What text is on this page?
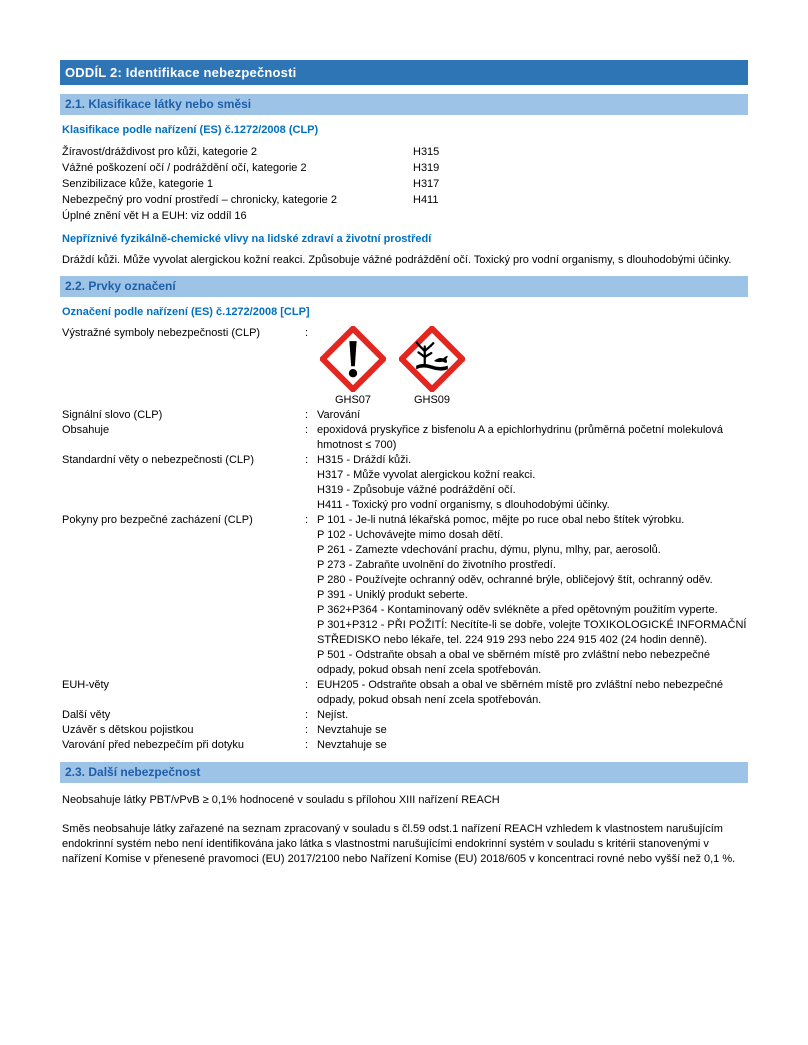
ODDÍL 2: Identifikace nebezpečnosti
2.1. Klasifikace látky nebo směsi
Klasifikace podle nařízení (ES) č.1272/2008 (CLP)
Žíravost/dráždivost pro kůži, kategorie 2	H315
Vážné poškození očí / podráždění očí, kategorie 2	H319
Senzibilizace kůže, kategorie 1	H317
Nebezpečný pro vodní prostředí – chronicky, kategorie 2	H411
Úplné znění vět H a EUH: viz oddíl 16
Nepříznivé fyzikálně-chemické vlivy na lidské zdraví a životní prostředí
Dráždí kůži. Může vyvolat alergickou kožní reakci. Způsobuje vážné podráždění očí. Toxický pro vodní organismy, s dlouhodobými účinky.
2.2. Prvky označení
Označení podle nařízení (ES) č.1272/2008 [CLP]
Výstražné symboly nebezpečnosti (CLP)	:
GHS07	GHS09
Signální slovo (CLP)	: Varování
Obsahuje	: epoxidová pryskyřice z bisfenolu A a epichlorhydrinu (průměrná početní molekulová hmotnost ≤ 700)
Standardní věty o nebezpečnosti (CLP)	: H315 - Dráždí kůži.
H317 - Může vyvolat alergickou kožní reakci.
H319 - Způsobuje vážné podráždění očí.
H411 - Toxický pro vodní organismy, s dlouhodobými účinky.
Pokyny pro bezpečné zacházení (CLP)	: P 101 - Je-li nutná lékařská pomoc, mějte po ruce obal nebo štítek výrobku.
P 102 - Uchovávejte mimo dosah dětí.
P 261 - Zamezte vdechování prachu, dýmu, plynu, mlhy, par, aerosolů.
P 273 - Zabraňte uvolnění do životního prostředí.
P 280 - Používejte ochranný oděv, ochranné brýle, obličejový štít, ochranný oděv.
P 391 - Uniklý produkt seberte.
P 362+P364 - Kontaminovaný oděv svlékněte a před opětovným použitím vyperte.
P 301+P312 - PŘI POŽITÍ: Necítíte-li se dobře, volejte TOXIKOLOGICKÉ INFORMAČNÍ STŘEDISKO nebo lékaře, tel. 224 919 293 nebo 224 915 402 (24 hodin denně).
P 501 - Odstraňte obsah a obal ve sběrném místě pro zvláštní nebo nebezpečné odpady, pokud obsah není zcela spotřebován.
EUH-věty	: EUH205 - Odstraňte obsah a obal ve sběrném místě pro zvláštní nebo nebezpečné odpady, pokud obsah není zcela spotřebován.
Další věty	: Nejíst.
Uzávěr s dětskou pojistkou	: Nevztahuje se
Varování před nebezpečím při dotyku	: Nevztahuje se
2.3. Další nebezpečnost

Neobsahuje látky PBT/vPvB ≥ 0,1% hodnocené v souladu s přílohou XIII nařízení REACH

Směs neobsahuje látky zařazené na seznam zpracovaný v souladu s čl.59 odst.1 nařízení REACH vzhledem k vlastnostem narušujícím endokrinní systém nebo není identifikována jako látka s vlastnostmi narušujícími endokrinní systém v souladu s kritérii stanovenými v nařízení Komise v přenesené pravomoci (EU) 2017/2100 nebo Nařízení Komise (EU) 2018/605 v koncentraci rovné nebo vyšší než 0,1 %.
